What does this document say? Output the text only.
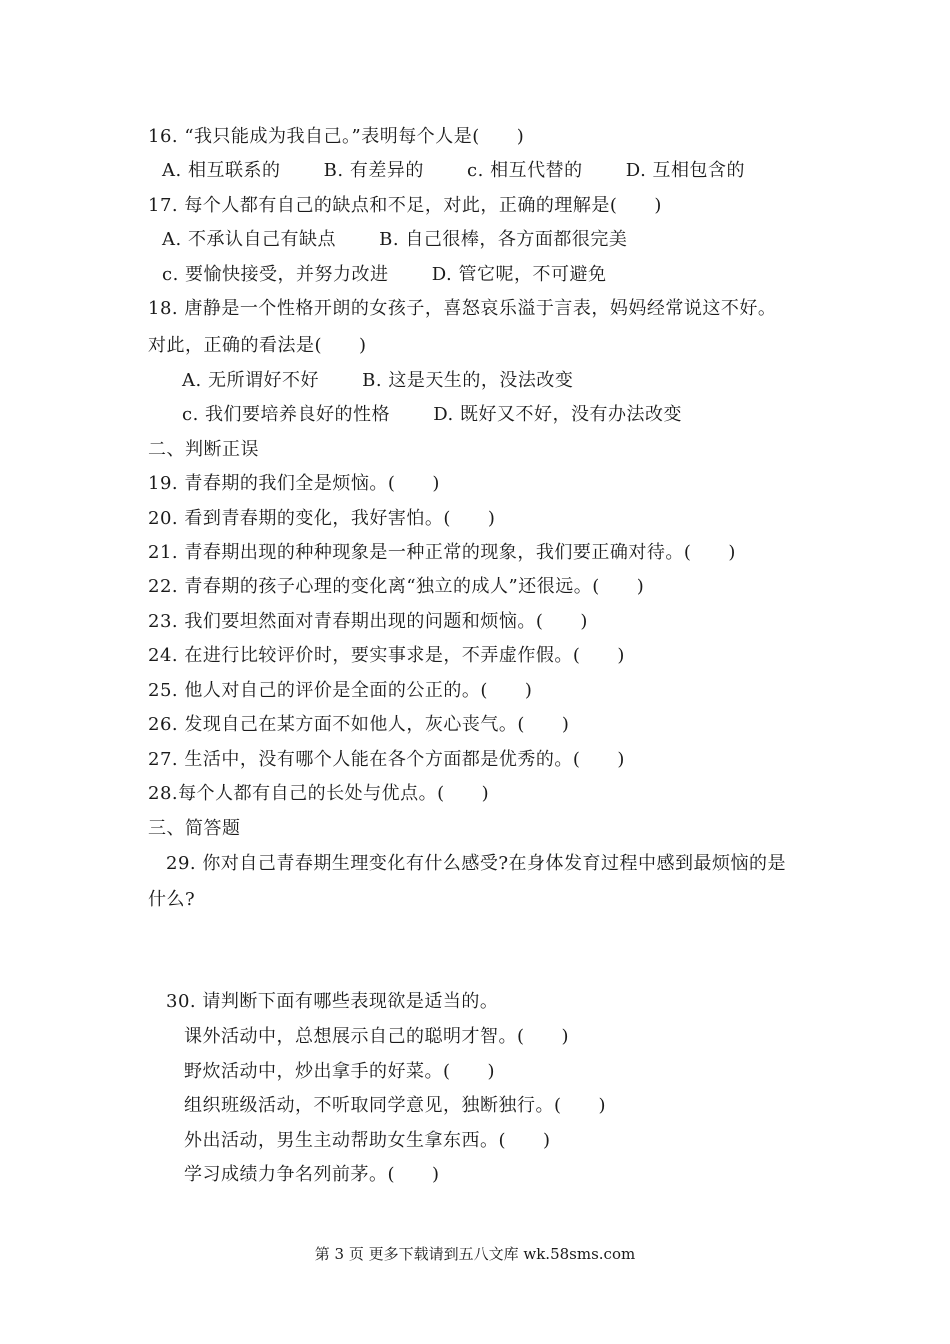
16. “我只能成为我自己。”表明每个人是(　　)
A. 相互联系的　　 B. 有差异的　　 c. 相互代替的　　 D. 互相包含的
17. 每个人都有自己的缺点和不足，对此，正确的理解是(　　)
A. 不承认自己有缺点　　 B. 自己很棒，各方面都很完美
c. 要愉快接受，并努力改进　　 D. 管它呢，不可避免
18. 唐静是一个性格开朗的女孩子，喜怒哀乐溢于言表，妈妈经常说这不好。
对此，正确的看法是(　　)
A. 无所谓好不好　　 B. 这是天生的，没法改变
c. 我们要培养良好的性格　　 D. 既好又不好，没有办法改变
二、判断正误
19. 青春期的我们全是烦恼。(　　)
20. 看到青春期的变化，我好害怕。(　　)
21. 青春期出现的种种现象是一种正常的现象，我们要正确对待。(　　)
22. 青春期的孩子心理的变化离“独立的成人”还很远。(　　)
23. 我们要坦然面对青春期出现的问题和烦恼。(　　)
24. 在进行比较评价时，要实事求是，不弄虚作假。(　　)
25. 他人对自己的评价是全面的公正的。(　　)
26. 发现自己在某方面不如他人，灰心丧气。(　　)
27. 生活中，没有哪个人能在各个方面都是优秀的。(　　)
28.每个人都有自己的长处与优点。(　　)
三、简答题
29. 你对自己青春期生理变化有什么感受?在身体发育过程中感到最烦恼的是
什么?
30. 请判断下面有哪些表现欲是适当的。
课外活动中，总想展示自己的聪明才智。(　　)
野炊活动中，炒出拿手的好菜。(　　)
组织班级活动，不听取同学意见，独断独行。(　　)
外出活动，男生主动帮助女生拿东西。(　　)
学习成绩力争名列前茅。(　　)
第 3 页 更多下载请到五八文库 wk.58sms.com
